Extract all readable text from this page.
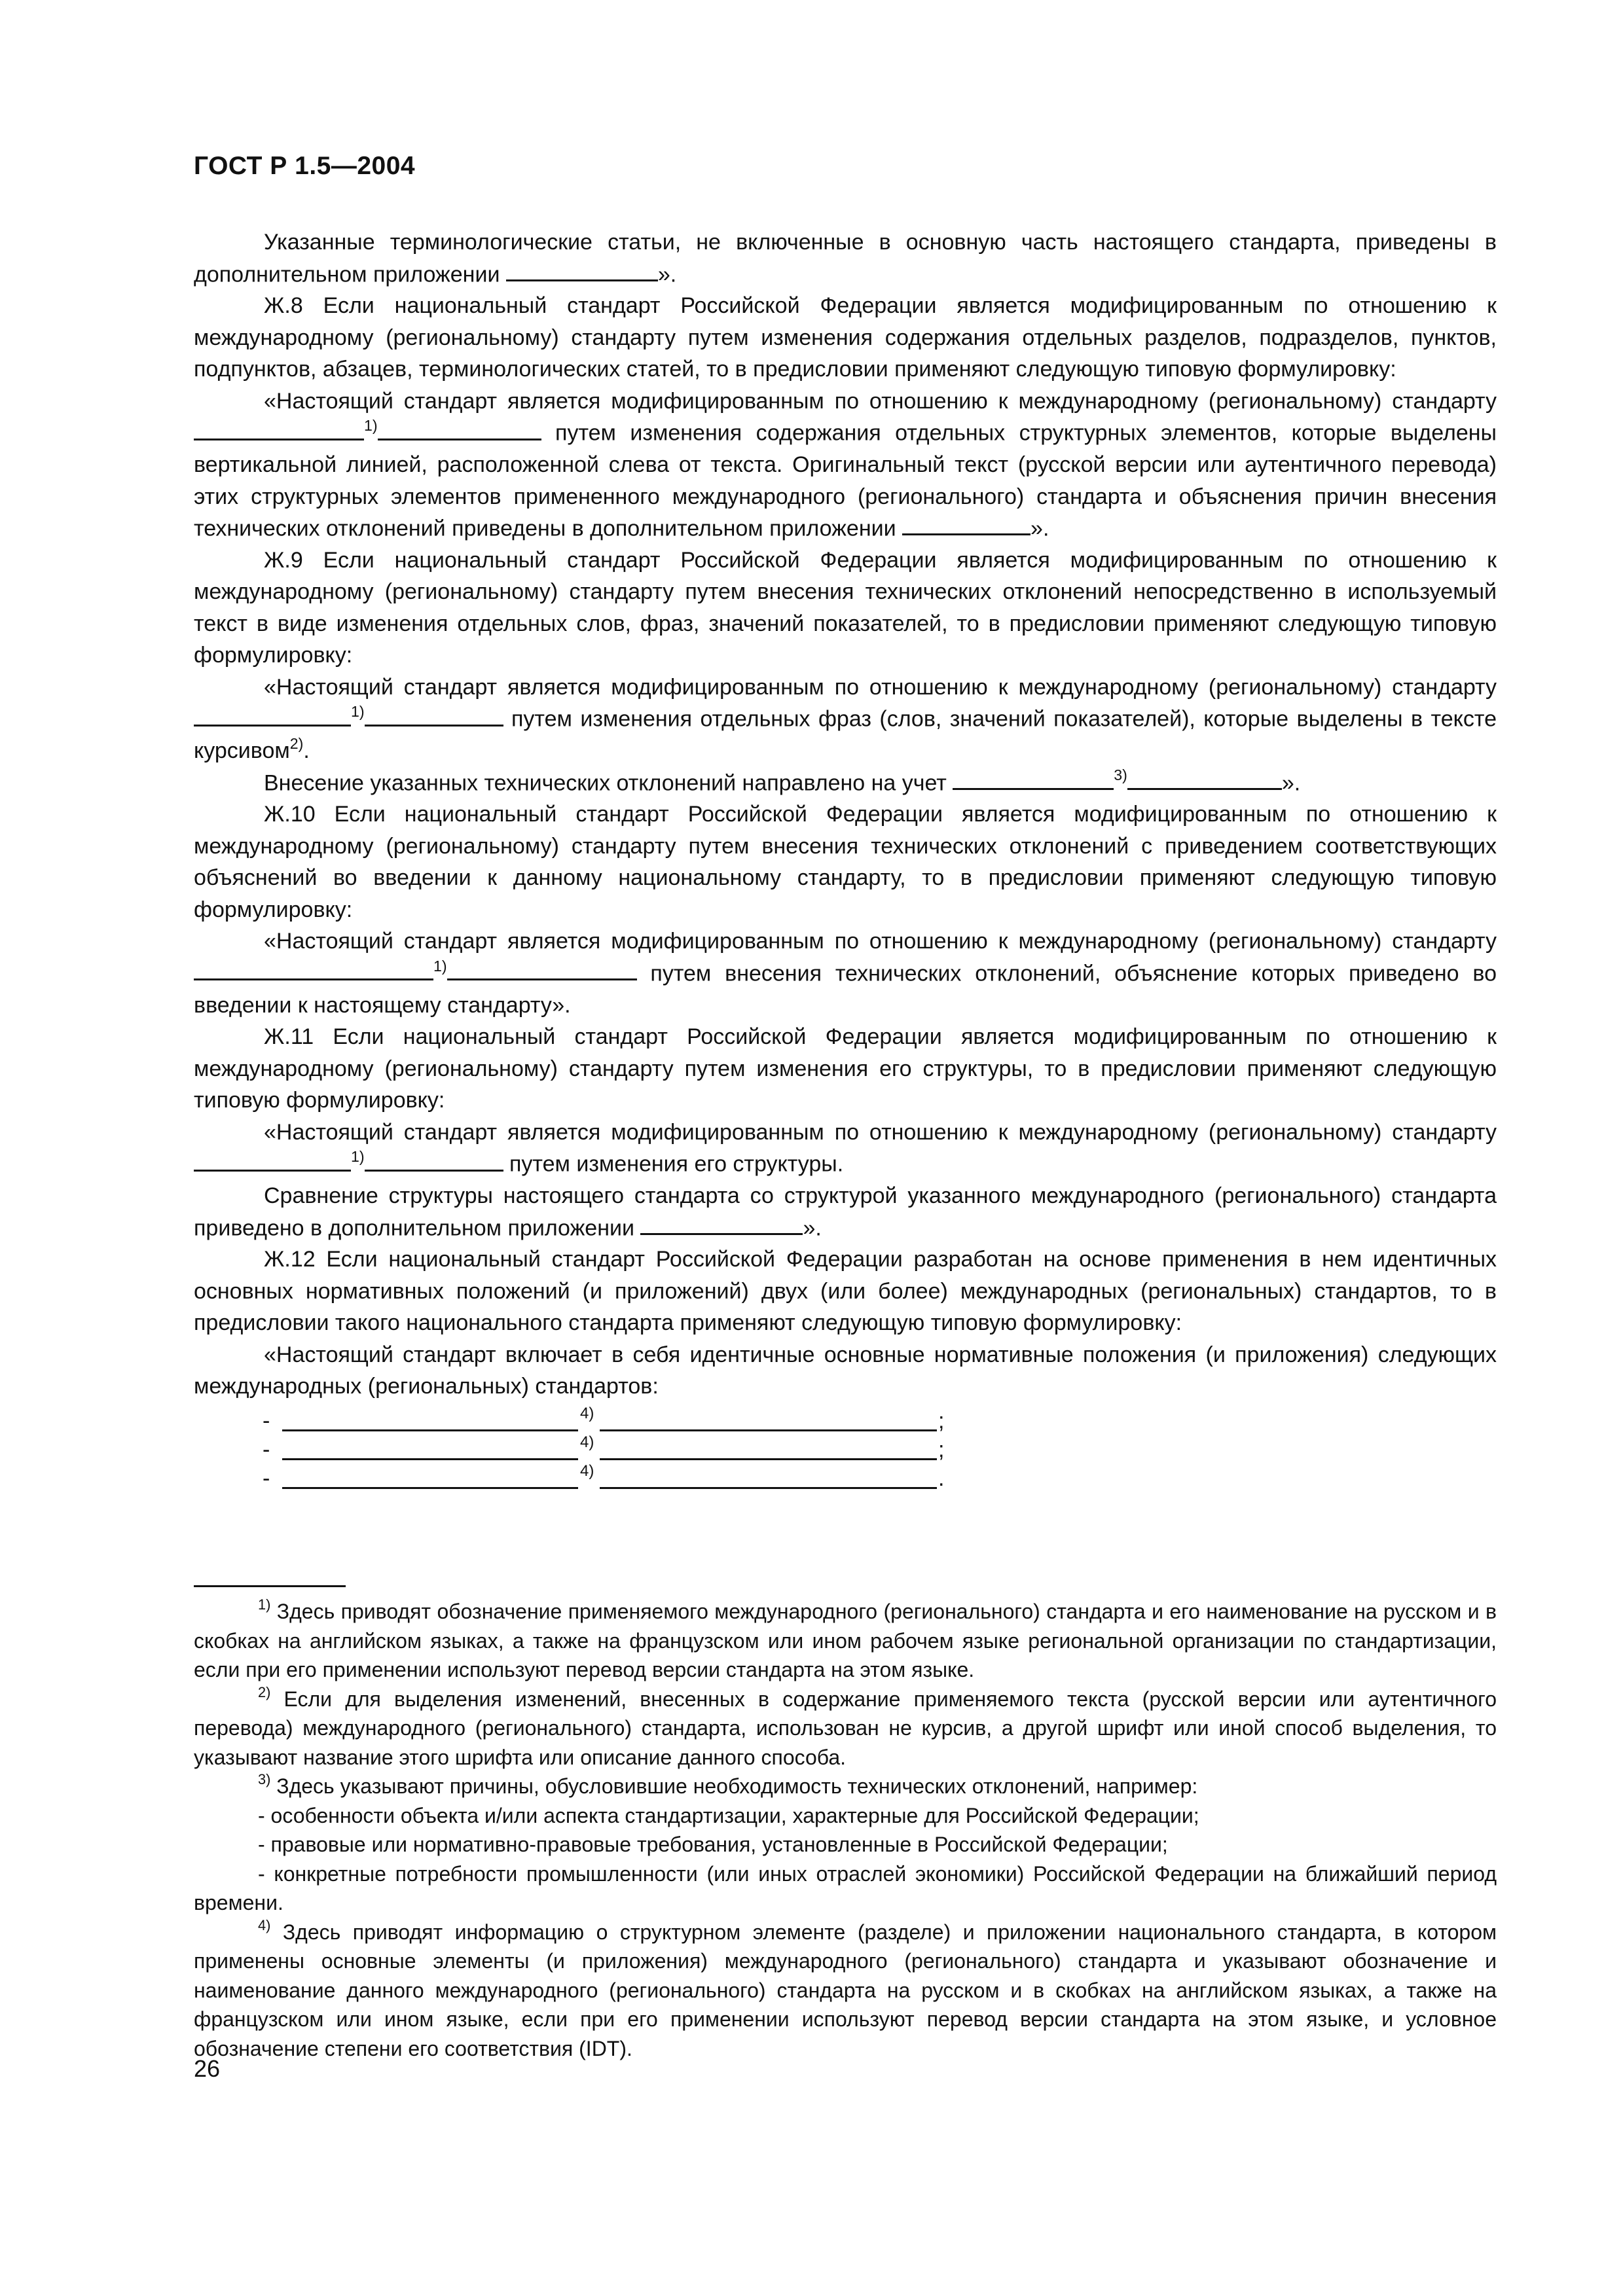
ГОСТ Р 1.5—2004

Указанные терминологические статьи, не включенные в основную часть настоящего стандарта, приведены в дополнительном приложении	».

Ж.8 Если национальный стандарт Российской Федерации является модифицированным по отношению к международному (региональному) стандарту путем изменения содержания отдельных разделов, подразделов, пунктов, подпунктов, абзацев, терминологических статей, то в предисловии применяют следующую типовую формулировку:

«Настоящий стандарт является модифицированным по отношению к международному (региональному) стандарту $^{1)}$	путем изменения содержания отдельных структурных элементов, которые выделены вертикальной линией, расположенной слева от текста. Оригинальный текст (русской версии или аутентичного перевода) этих структурных элементов примененного международного (регионального) стандарта и объяснения причин внесения технических отклонений приведены в дополнительном приложении	».

Ж.9 Если национальный стандарт Российской Федерации является модифицированным по отношению к международному (региональному) стандарту путем внесения технических отклонений непосредственно в используемый текст в виде изменения отдельных слов, фраз, значений показателей, то в предисловии применяют следующую типовую формулировку:

«Настоящий стандарт является модифицированным по отношению к международному (региональному) стандарту $^{1)}$	путем изменения отдельных фраз (слов, значений показателей), которые выделены в тексте курсивом$^{2)}$.

Внесение указанных технических отклонений направлено на учет	$^{3)}$	».

Ж.10 Если национальный стандарт Российской Федерации является модифицированным по отношению к международному (региональному) стандарту путем внесения технических отклонений с приведением соответствующих объяснений во введении к данному национальному стандарту, то в предисловии применяют следующую типовую формулировку:

«Настоящий стандарт является модифицированным по отношению к международному (региональному) стандарту $^{1)}$	путем внесения технических отклонений, объяснение которых приведено во введении к настоящему стандарту».

Ж.11 Если национальный стандарт Российской Федерации является модифицированным по отношению к международному (региональному) стандарту путем изменения его структуры, то в предисловии применяют следующую типовую формулировку:

«Настоящий стандарт является модифицированным по отношению к международному (региональному) стандарту $^{1)}$	путем изменения его структуры.

Сравнение структуры настоящего стандарта со структурой указанного международного (регионального) стандарта приведено в дополнительном приложении	».

Ж.12 Если национальный стандарт Российской Федерации разработан на основе применения в нем идентичных основных нормативных положений (и приложений) двух (или более) международных (региональных) стандартов, то в предисловии такого национального стандарта применяют следующую типовую формулировку:

«Настоящий стандарт включает в себя идентичные основные нормативные положения (и приложения) следующих международных (региональных) стандартов:

-	4)	;
-	4)	;
-	4)	.

$^{1)}$ Здесь приводят обозначение применяемого международного (регионального) стандарта и его наименование на русском и в скобках на английском языках, а также на французском или ином рабочем языке региональной организации по стандартизации, если при его применении используют перевод версии стандарта на этом языке.

$^{2)}$ Если для выделения изменений, внесенных в содержание применяемого текста (русской версии или аутентичного перевода) международного (регионального) стандарта, использован не курсив, а другой шрифт или иной способ выделения, то указывают название этого шрифта или описание данного способа.

$^{3)}$ Здесь указывают причины, обусловившие необходимость технических отклонений, например:

- особенности объекта и/или аспекта стандартизации, характерные для Российской Федерации;

- правовые или нормативно-правовые требования, установленные в Российской Федерации;

- конкретные потребности промышленности (или иных отраслей экономики) Российской Федерации на ближайший период времени.

$^{4)}$ Здесь приводят информацию о структурном элементе (разделе) и приложении национального стандарта, в котором применены основные элементы (и приложения) международного (регионального) стандарта и указывают обозначение и наименование данного международного (регионального) стандарта на русском и в скобках на английском языках, а также на французском или ином языке, если при его применении используют перевод версии стандарта на этом языке, и условное обозначение степени его соответствия (IDT).

26
